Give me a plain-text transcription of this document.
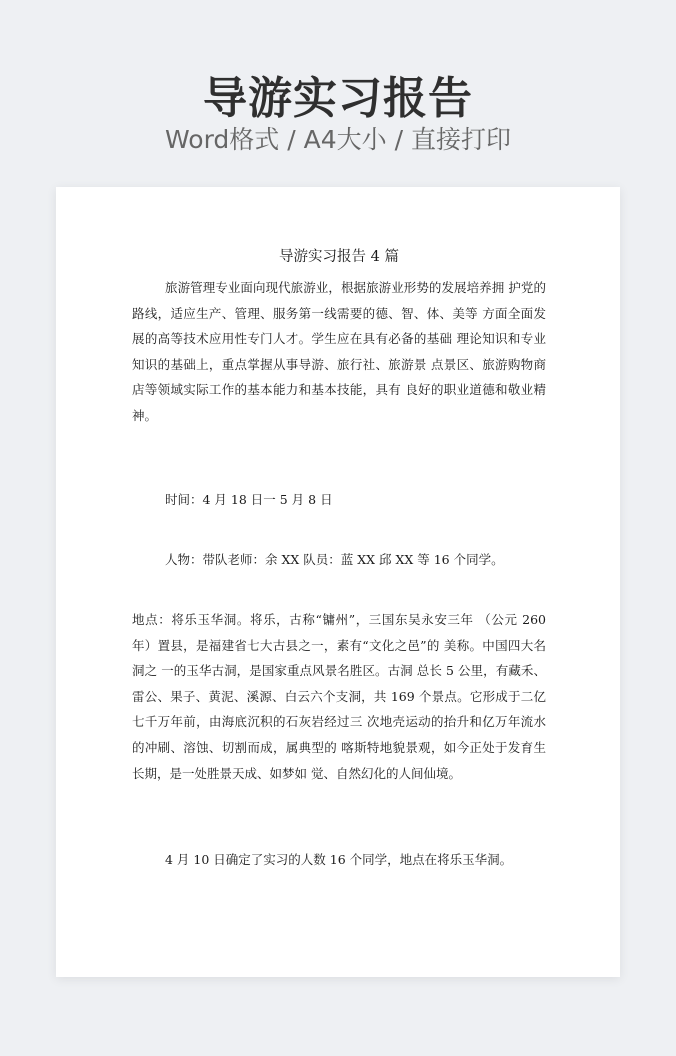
导游实习报告
Word格式 / A4大小 / 直接打印
导游实习报告 4 篇

旅游管理专业面向现代旅游业，根据旅游业形势的发展培养拥 护党的路线，适应生产、管理、服务第一线需要的德、智、体、美等 方面全面发展的高等技术应用性专门人才。学生应在具有必备的基础 理论知识和专业知识的基础上，重点掌握从事导游、旅行社、旅游景 点景区、旅游购物商店等领域实际工作的基本能力和基本技能，具有 良好的职业道德和敬业精神。

时间：4 月 18 日一 5 月 8 日

人物：带队老师：余 XX 队员：蓝 XX 邱 XX 等 16 个同学。

地点：将乐玉华洞。将乐，古称“镛州”，三国东吴永安三年 （公元 260 年）置县，是福建省七大古县之一，素有“文化之邑”的 美称。中国四大名洞之 一的玉华古洞，是国家重点风景名胜区。古洞 总长 5 公里，有藏禾、雷公、果子、黄泥、溪源、白云六个支洞，共 169 个景点。它形成于二亿七千万年前，由海底沉积的石灰岩经过三 次地壳运动的抬升和亿万年流水的冲刷、溶蚀、切割而成，属典型的 喀斯特地貌景观，如今正处于发育生长期，是一处胜景天成、如梦如 觉、自然幻化的人间仙境。

4 月 10 日确定了实习的人数 16 个同学，地点在将乐玉华洞。
